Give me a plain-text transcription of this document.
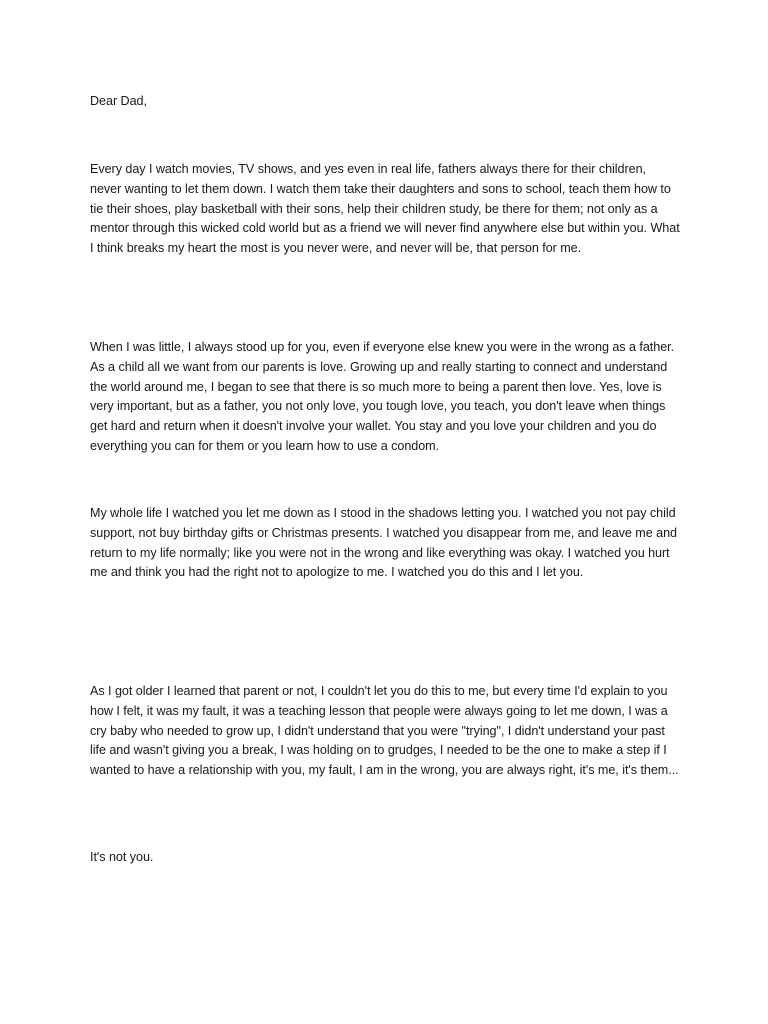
Dear Dad,

Every day I watch movies, TV shows, and yes even in real life, fathers always there for their children, never wanting to let them down. I watch them take their daughters and sons to school, teach them how to tie their shoes, play basketball with their sons, help their children study, be there for them; not only as a mentor through this wicked cold world but as a friend we will never find anywhere else but within you. What I think breaks my heart the most is you never were, and never will be, that person for me.

When I was little, I always stood up for you, even if everyone else knew you were in the wrong as a father. As a child all we want from our parents is love. Growing up and really starting to connect and understand the world around me, I began to see that there is so much more to being a parent then love. Yes, love is very important, but as a father, you not only love, you tough love, you teach, you don't leave when things get hard and return when it doesn't involve your wallet. You stay and you love your children and you do everything you can for them or you learn how to use a condom.

My whole life I watched you let me down as I stood in the shadows letting you. I watched you not pay child support, not buy birthday gifts or Christmas presents. I watched you disappear from me, and leave me and return to my life normally; like you were not in the wrong and like everything was okay. I watched you hurt me and think you had the right not to apologize to me. I watched you do this and I let you.

As I got older I learned that parent or not, I couldn't let you do this to me, but every time I'd explain to you how I felt, it was my fault, it was a teaching lesson that people were always going to let me down, I was a cry baby who needed to grow up, I didn't understand that you were "trying", I didn't understand your past life and wasn't giving you a break, I was holding on to grudges, I needed to be the one to make a step if I wanted to have a relationship with you, my fault, I am in the wrong, you are always right, it's me, it's them...

It's not you.
